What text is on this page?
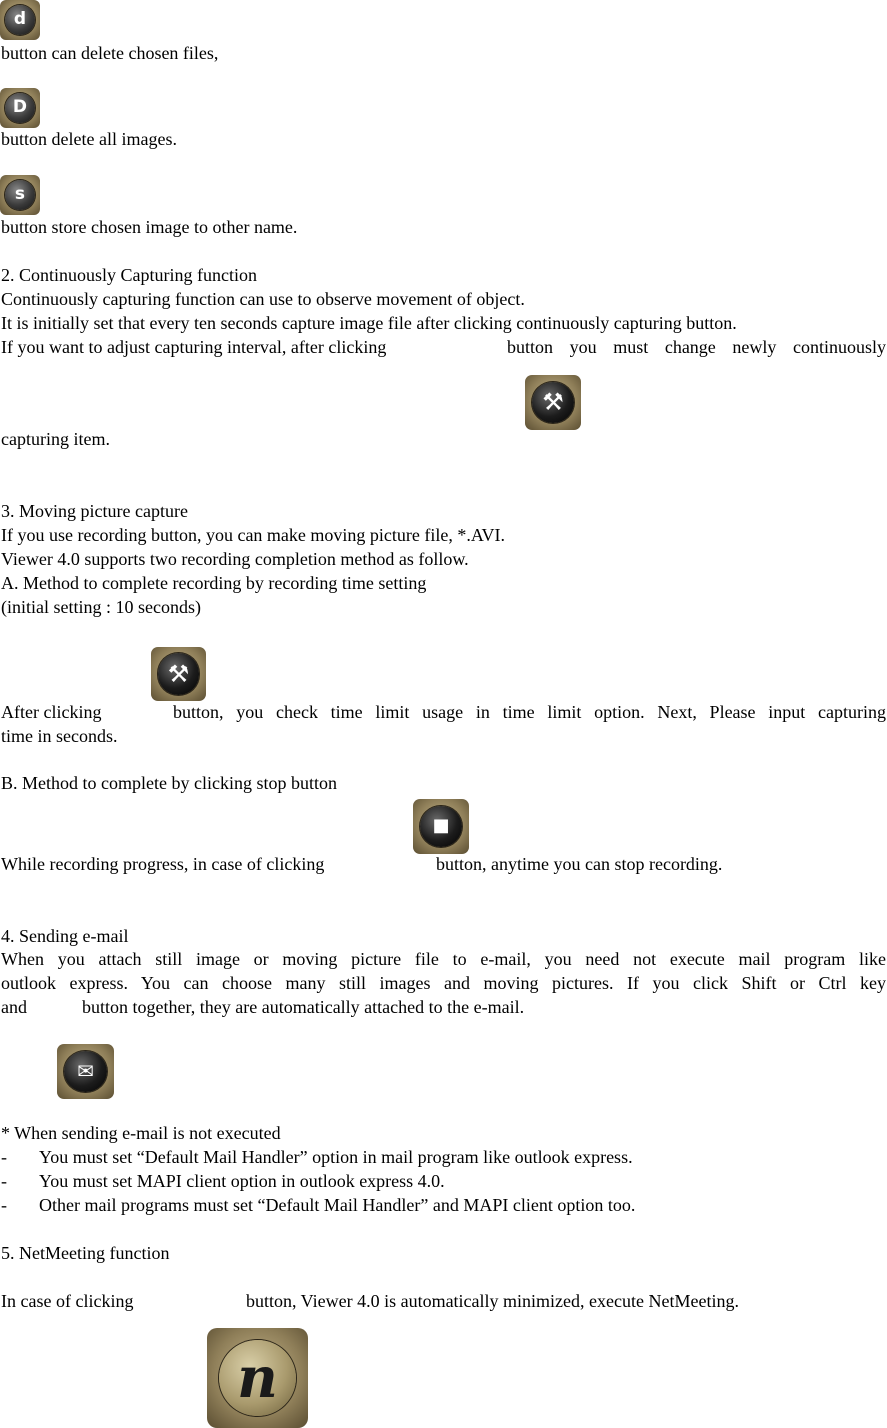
d
button can delete chosen files,
D
button delete all images.
s
button store chosen image to other name.
2. Continuously Capturing function
Continuously capturing function can use to observe movement of object.
It is initially set that every ten seconds capture image file after clicking continuously capturing button.
If you want to adjust capturing interval, after clicking	button you must change newly continuously
⚒
capturing item.
3. Moving picture capture
If you use recording button, you can make moving picture file, *.AVI.
Viewer 4.0 supports two recording completion method as follow.
A. Method to complete recording by recording time setting
(initial setting : 10 seconds)
⚒
After clicking	button, you check time limit usage in time limit option. Next, Please input capturing
time in seconds.
B. Method to complete by clicking stop button
■
While recording progress, in case of clicking	button, anytime you can stop recording.
4. Sending e-mail
When you attach still image or moving picture file to e-mail, you need not execute mail program like
outlook express. You can choose many still images and moving pictures. If you click Shift or Ctrl key
and	button together, they are automatically attached to the e-mail.
✉
* When sending e-mail is not executed
- You must set “Default Mail Handler” option in mail program like outlook express.
- You must set MAPI client option in outlook express 4.0.
- Other mail programs must set “Default Mail Handler” and MAPI client option too.
5. NetMeeting function
In case of clicking	button, Viewer 4.0 is automatically minimized, execute NetMeeting.
n
